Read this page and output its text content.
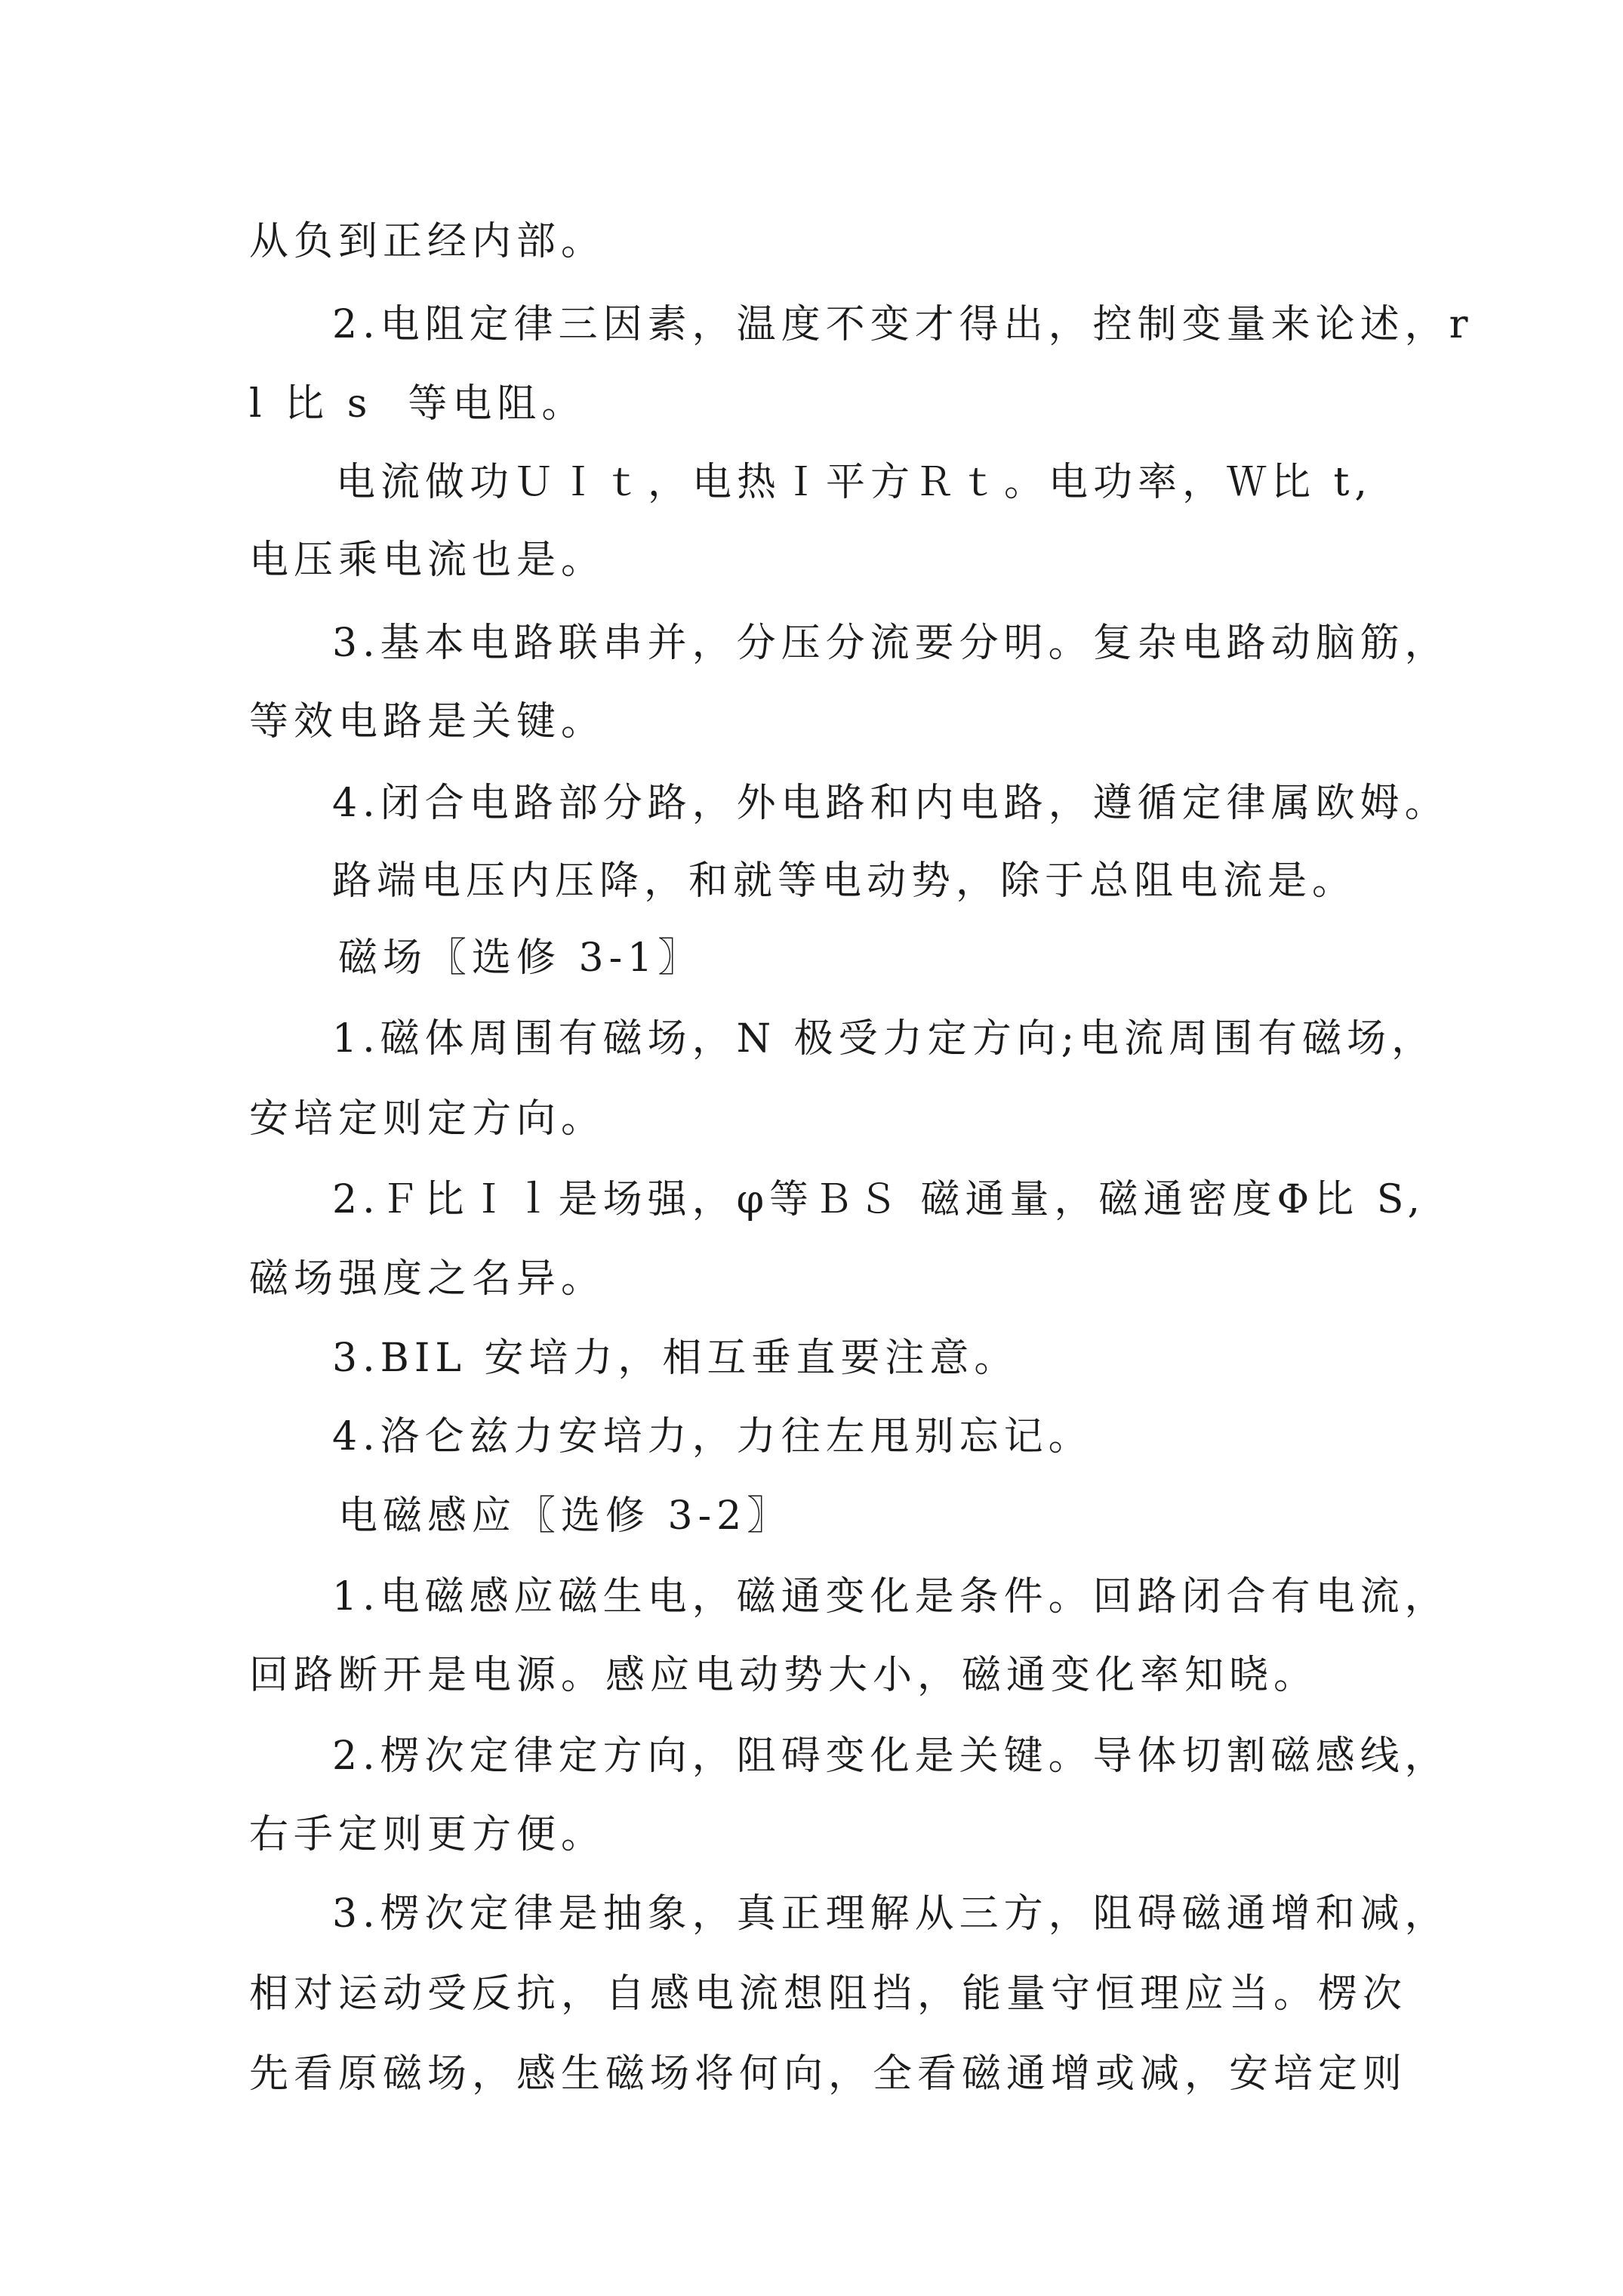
从负到正经内部。

2.电阻定律三因素，温度不变才得出，控制变量来论述，r

l 比 s  等电阻。

电流做功ＵＩｔ，电热Ｉ平方Ｒｔ。电功率，Ｗ比 t,

电压乘电流也是。

3.基本电路联串并，分压分流要分明。复杂电路动脑筋，

等效电路是关键。

4.闭合电路部分路，外电路和内电路，遵循定律属欧姆。

路端电压内压降，和就等电动势，除于总阻电流是。

磁场〖选修 3-1〗

1.磁体周围有磁场，N 极受力定方向;电流周围有磁场，

安培定则定方向。

2.Ｆ比Ｉｌ是场强，φ等ＢＳ 磁通量，磁通密度Φ比 S,

磁场强度之名异。

3.BIL 安培力，相互垂直要注意。

4.洛仑兹力安培力，力往左甩别忘记。

电磁感应〖选修 3-2〗

1.电磁感应磁生电，磁通变化是条件。回路闭合有电流，

回路断开是电源。感应电动势大小，磁通变化率知晓。

2.楞次定律定方向，阻碍变化是关键。导体切割磁感线，

右手定则更方便。

3.楞次定律是抽象，真正理解从三方，阻碍磁通增和减，

相对运动受反抗，自感电流想阻挡，能量守恒理应当。楞次

先看原磁场，感生磁场将何向，全看磁通增或减，安培定则
